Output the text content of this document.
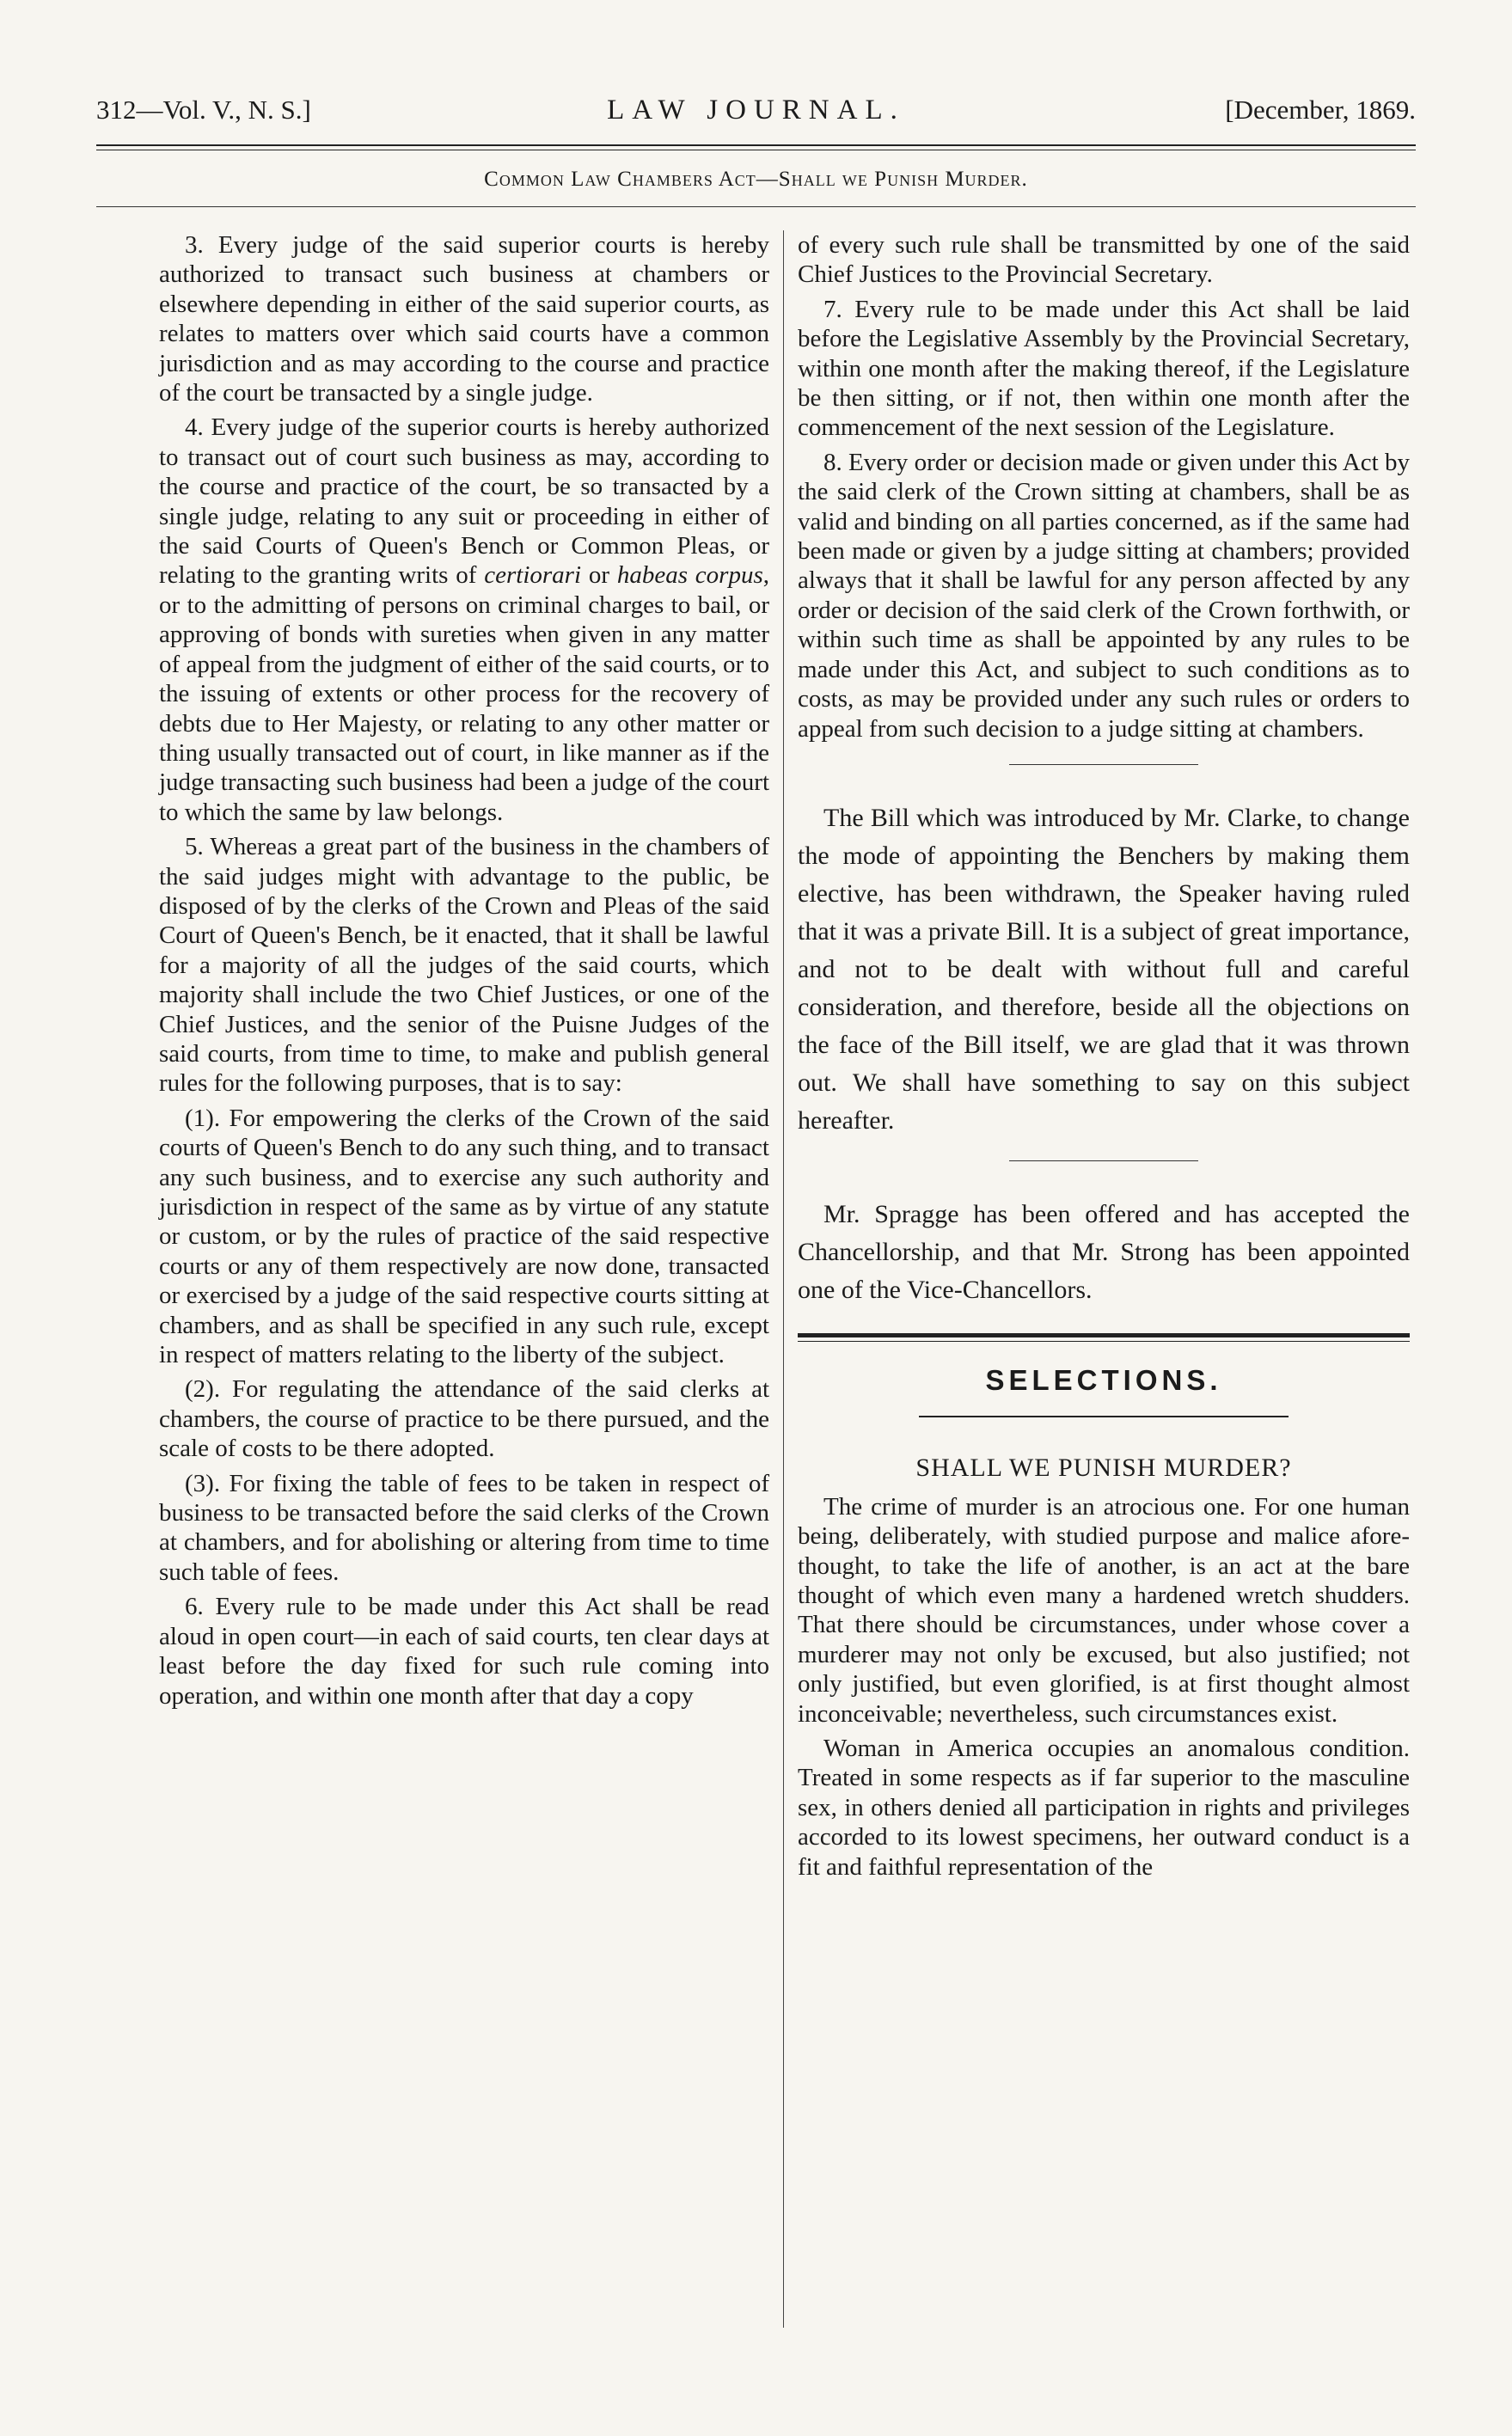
312—Vol. V., N. S.]	LAW JOURNAL.	[December, 1869.
Common Law Chambers Act—Shall we Punish Murder.

3. Every judge of the said superior courts is hereby authorized to transact such business at chambers or elsewhere depending in either of the said superior courts, as relates to matters over which said courts have a common jurisdiction and as may according to the course and practice of the court be transacted by a single judge.

4. Every judge of the superior courts is hereby authorized to transact out of court such business as may, according to the course and practice of the court, be so transacted by a single judge, relating to any suit or proceeding in either of the said Courts of Queen's Bench or Common Pleas, or relating to the granting writs of certiorari or habeas corpus, or to the admitting of persons on criminal charges to bail, or approving of bonds with sureties when given in any matter of appeal from the judgment of either of the said courts, or to the issuing of extents or other process for the recovery of debts due to Her Majesty, or relating to any other matter or thing usually transacted out of court, in like manner as if the judge transacting such business had been a judge of the court to which the same by law belongs.

5. Whereas a great part of the business in the chambers of the said judges might with advantage to the public, be disposed of by the clerks of the Crown and Pleas of the said Court of Queen's Bench, be it enacted, that it shall be lawful for a majority of all the judges of the said courts, which majority shall include the two Chief Justices, or one of the Chief Justices, and the senior of the Puisne Judges of the said courts, from time to time, to make and publish general rules for the following purposes, that is to say:

(1). For empowering the clerks of the Crown of the said courts of Queen's Bench to do any such thing, and to transact any such business, and to exercise any such authority and jurisdiction in respect of the same as by virtue of any statute or custom, or by the rules of practice of the said respective courts or any of them respectively are now done, transacted or exercised by a judge of the said respective courts sitting at chambers, and as shall be specified in any such rule, except in respect of matters relating to the liberty of the subject.

(2). For regulating the attendance of the said clerks at chambers, the course of practice to be there pursued, and the scale of costs to be there adopted.

(3). For fixing the table of fees to be taken in respect of business to be transacted before the said clerks of the Crown at chambers, and for abolishing or altering from time to time such table of fees.

6. Every rule to be made under this Act shall be read aloud in open court—in each of said courts, ten clear days at least before the day fixed for such rule coming into operation, and within one month after that day a copy

of every such rule shall be transmitted by one of the said Chief Justices to the Provincial Secretary.

7. Every rule to be made under this Act shall be laid before the Legislative Assembly by the Provincial Secretary, within one month after the making thereof, if the Legislature be then sitting, or if not, then within one month after the commencement of the next session of the Legislature.

8. Every order or decision made or given under this Act by the said clerk of the Crown sitting at chambers, shall be as valid and binding on all parties concerned, as if the same had been made or given by a judge sitting at chambers; provided always that it shall be lawful for any person affected by any order or decision of the said clerk of the Crown forthwith, or within such time as shall be appointed by any rules to be made under this Act, and subject to such conditions as to costs, as may be provided under any such rules or orders to appeal from such decision to a judge sitting at chambers.

The Bill which was introduced by Mr. Clarke, to change the mode of appointing the Benchers by making them elective, has been withdrawn, the Speaker having ruled that it was a private Bill. It is a subject of great importance, and not to be dealt with without full and careful consideration, and therefore, beside all the objections on the face of the Bill itself, we are glad that it was thrown out. We shall have something to say on this subject hereafter.

Mr. Spragge has been offered and has accepted the Chancellorship, and that Mr. Strong has been appointed one of the Vice-Chancellors.

SELECTIONS.
SHALL WE PUNISH MURDER?

The crime of murder is an atrocious one. For one human being, deliberately, with studied purpose and malice afore-thought, to take the life of another, is an act at the bare thought of which even many a hardened wretch shudders. That there should be circumstances, under whose cover a murderer may not only be excused, but also justified; not only justified, but even glorified, is at first thought almost inconceivable; nevertheless, such circumstances exist.

Woman in America occupies an anomalous condition. Treated in some respects as if far superior to the masculine sex, in others denied all participation in rights and privileges accorded to its lowest specimens, her outward conduct is a fit and faithful representation of the
